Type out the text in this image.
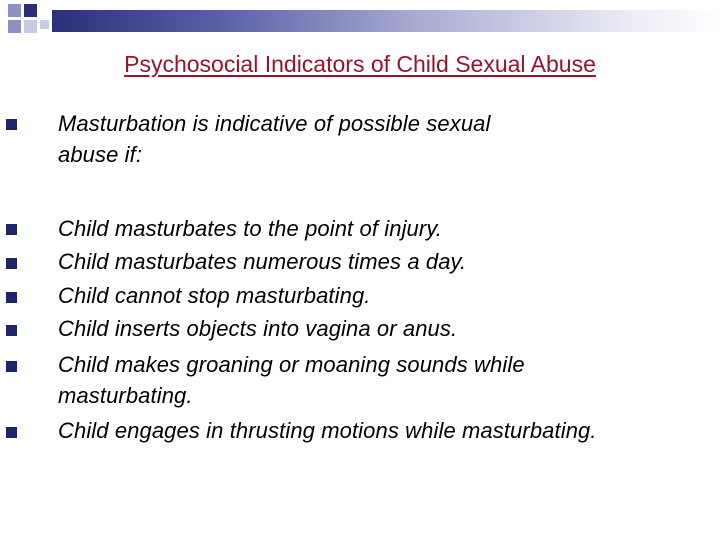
Psychosocial Indicators of Child Sexual Abuse
Masturbation is indicative of possible sexual
abuse if:
Child masturbates to the point of injury.
Child masturbates numerous times a day.
Child cannot stop masturbating.
Child inserts objects into vagina or anus.
Child makes groaning or moaning sounds while
masturbating.
Child engages in thrusting motions while masturbating.
